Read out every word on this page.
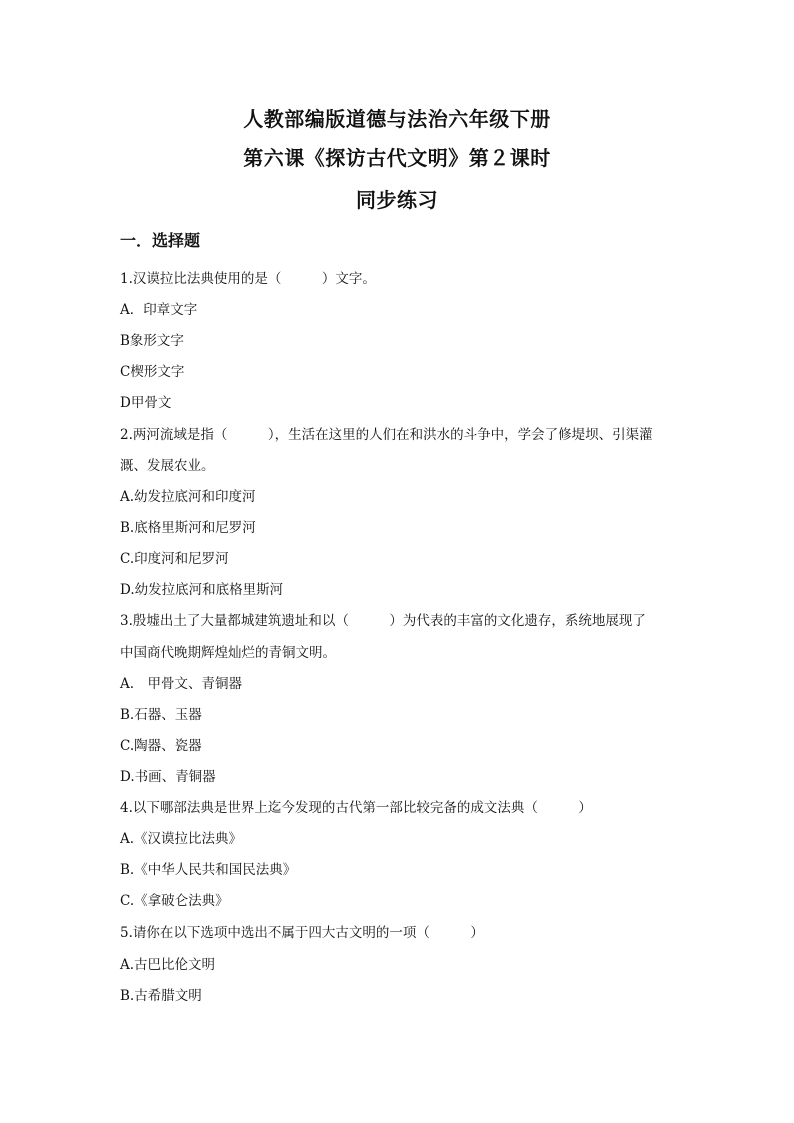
人教部编版道德与法治六年级下册
第六课《探访古代文明》第２课时
同步练习
一．选择题
1.汉谟拉比法典使用的是（　　　）文字。
A．印章文字
B象形文字
C楔形文字
D甲骨文
2.两河流域是指（　　　），生活在这里的人们在和洪水的斗争中，学会了修堤坝、引渠灌
溉、发展农业。
A.幼发拉底河和印度河
B.底格里斯河和尼罗河
C.印度河和尼罗河
D.幼发拉底河和底格里斯河
3.殷墟出土了大量都城建筑遗址和以（　　　）为代表的丰富的文化遗存，系统地展现了
中国商代晚期辉煌灿烂的青铜文明。
A.　甲骨文、青铜器
B.石器、玉器
C.陶器、瓷器
D.书画、青铜器
4.以下哪部法典是世界上迄今发现的古代第一部比较完备的成文法典（　　　）
A.《汉谟拉比法典》
B.《中华人民共和国民法典》
C.《拿破仑法典》
5.请你在以下选项中选出不属于四大古文明的一项（　　　）
A.古巴比伦文明
B.古希腊文明
